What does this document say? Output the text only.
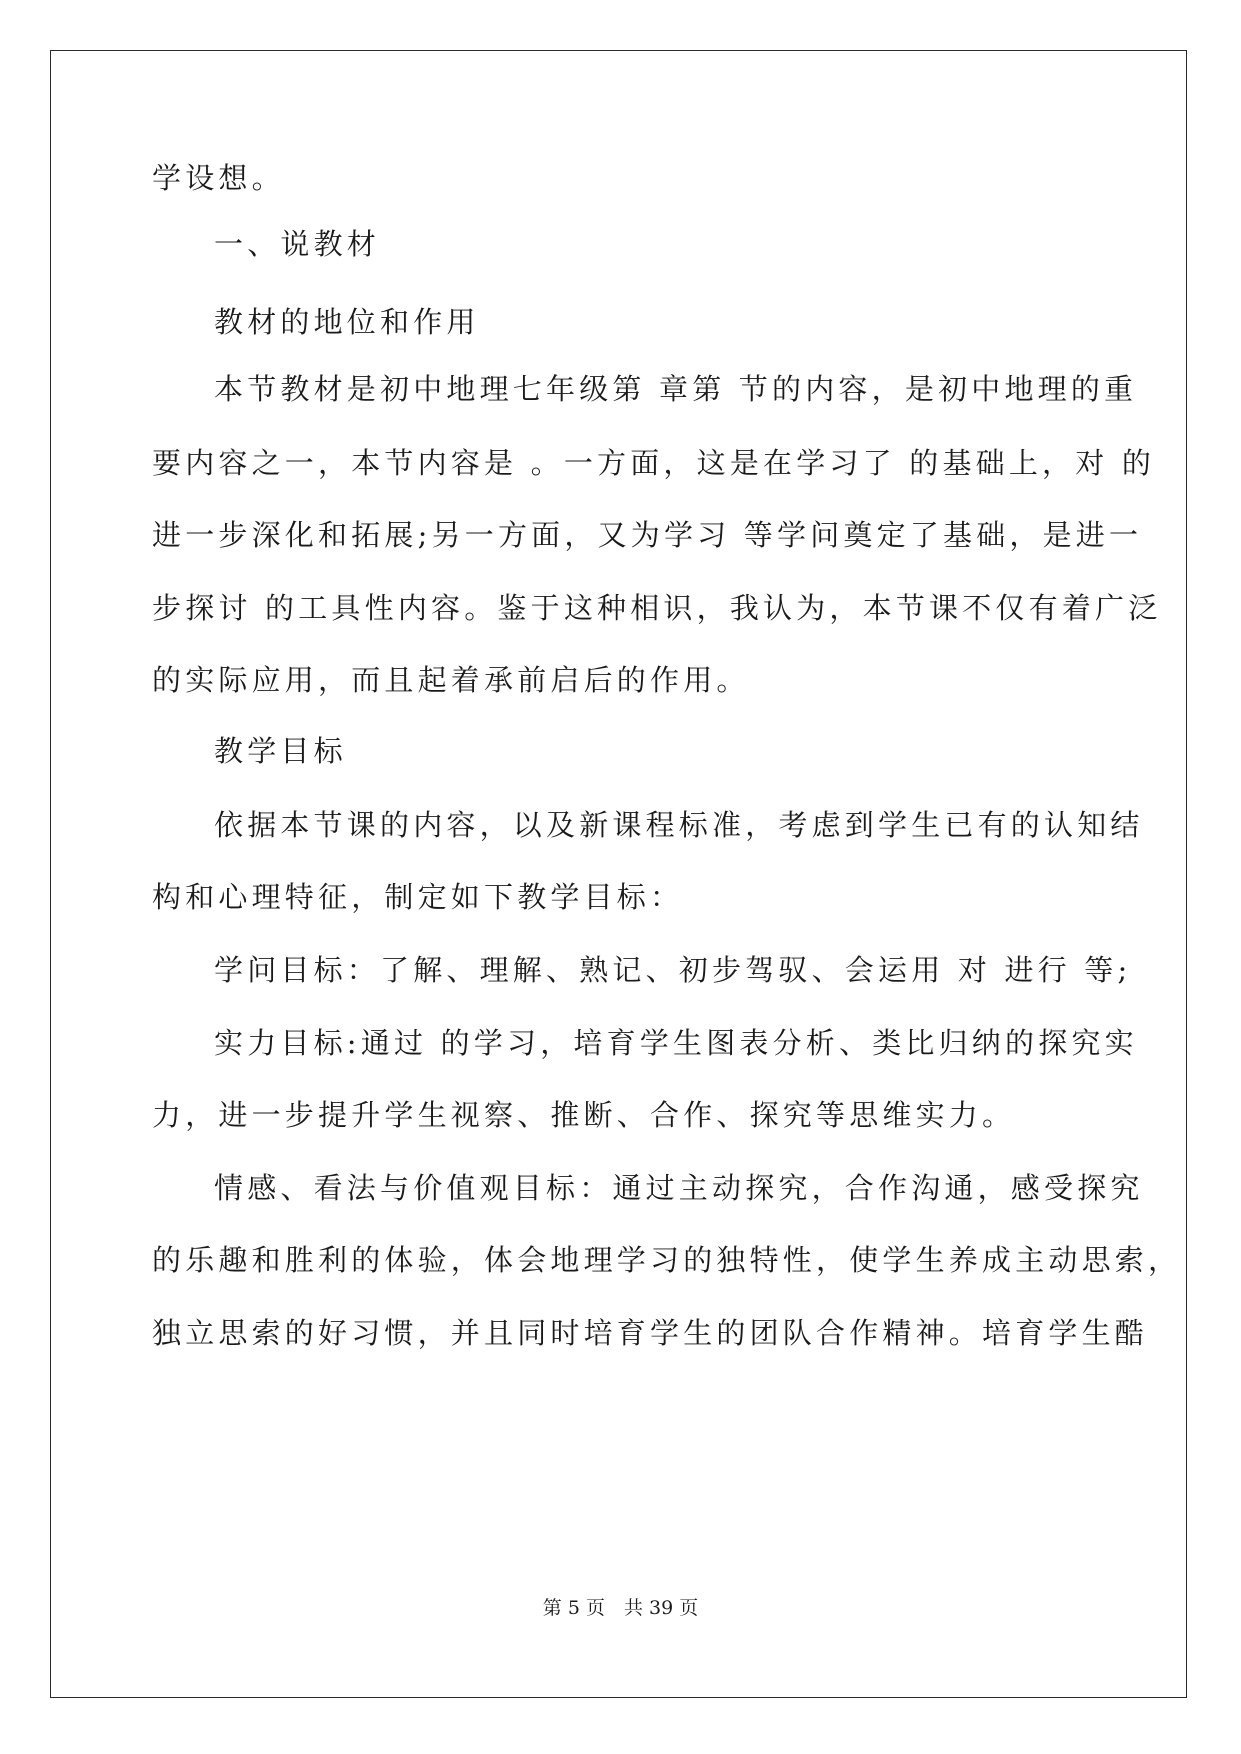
学设想。
一、说教材
教材的地位和作用
本节教材是初中地理七年级第 章第 节的内容，是初中地理的重
要内容之一，本节内容是 。一方面，这是在学习了 的基础上，对 的
进一步深化和拓展;另一方面，又为学习 等学问奠定了基础，是进一
步探讨 的工具性内容。鉴于这种相识，我认为，本节课不仅有着广泛
的实际应用，而且起着承前启后的作用。
教学目标
依据本节课的内容，以及新课程标准，考虑到学生已有的认知结
构和心理特征，制定如下教学目标：
学问目标：了解、理解、熟记、初步驾驭、会运用 对 进行 等;
实力目标:通过 的学习，培育学生图表分析、类比归纳的探究实
力，进一步提升学生视察、推断、合作、探究等思维实力。
情感、看法与价值观目标：通过主动探究，合作沟通，感受探究
的乐趣和胜利的体验，体会地理学习的独特性，使学生养成主动思索，
独立思索的好习惯，并且同时培育学生的团队合作精神。培育学生酷
第 5 页　共 39 页
